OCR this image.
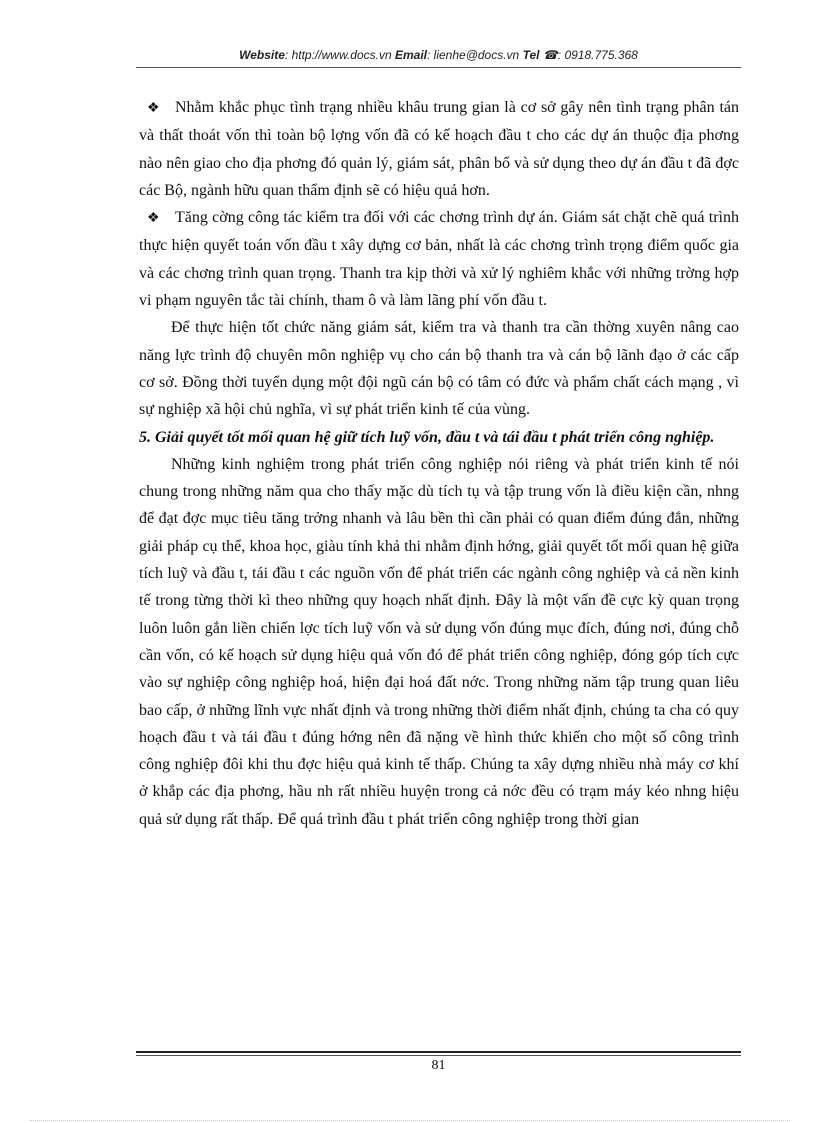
Website: http://www.docs.vn Email: lienhe@docs.vn Tel ☎: 0918.775.368

❖ Nhằm khắc phục tình trạng nhiều khâu trung gian là cơ sở gây nên tình trạng phân tán và thất thoát vốn thì toàn bộ lợng vốn đã có kế hoạch đầu t cho các dự án thuộc địa phơng nào nên giao cho địa phơng đó quản lý, giám sát, phân bổ và sử dụng theo dự án đầu t đã đợc các Bộ, ngành hữu quan thẩm định sẽ có hiệu quả hơn.

❖ Tăng cờng công tác kiểm tra đối với các chơng trình dự án. Giám sát chặt chẽ quá trình thực hiện quyết toán vốn đầu t xây dựng cơ bản, nhất là các chơng trình trọng điểm quốc gia và các chơng trình quan trọng. Thanh tra kịp thời và xử lý nghiêm khắc với những trờng hợp vi phạm nguyên tắc tài chính, tham ô và làm lãng phí vốn đầu t.

Để thực hiện tốt chức năng giám sát, kiểm tra và thanh tra cần thờng xuyên nâng cao năng lực trình độ chuyên môn nghiệp vụ cho cán bộ thanh tra và cán bộ lãnh đạo ở các cấp cơ sở. Đồng thời tuyển dụng một đội ngũ cán bộ có tâm có đức và phẩm chất cách mạng , vì sự nghiệp xã hội chủ nghĩa, vì sự phát triển kinh tế của vùng.

5. Giải quyết tốt mối quan hệ giữ tích luỹ vốn, đầu t và tái đầu t phát triển công nghiệp.

Những kinh nghiệm trong phát triển công nghiệp nói riêng và phát triển kinh tế nói chung trong những năm qua cho thấy mặc dù tích tụ và tập trung vốn là điều kiện cần, nhng để đạt đợc mục tiêu tăng trởng nhanh và lâu bền thì cần phải có quan điểm đúng đắn, những giải pháp cụ thể, khoa học, giàu tính khả thi nhằm định hớng, giải quyết tốt mối quan hệ giữa tích luỹ và đầu t, tái đầu t các nguồn vốn để phát triển các ngành công nghiệp và cả nền kinh tế trong từng thời kì theo những quy hoạch nhất định. Đây là một vấn đề cực kỳ quan trọng luôn luôn gắn liền chiến lợc tích luỹ vốn và sử dụng vốn đúng mục đích, đúng nơi, đúng chỗ cần vốn, có kế hoạch sử dụng hiệu quả vốn đó để phát triển công nghiệp, đóng góp tích cực vào sự nghiệp công nghiệp hoá, hiện đại hoá đất nớc. Trong những năm tập trung quan liêu bao cấp, ở những lĩnh vực nhất định và trong những thời điểm nhất định, chúng ta cha có quy hoạch đầu t và tái đầu t đúng hớng nên đã nặng về hình thức khiến cho một số công trình công nghiệp đôi khi thu đợc hiệu quả kinh tế thấp. Chúng ta xây dựng nhiều nhà máy cơ khí ở khắp các địa phơng, hầu nh rất nhiều huyện trong cả nớc đều có trạm máy kéo nhng hiệu quả sử dụng rất thấp. Để quá trình đầu t phát triển công nghiệp trong thời gian

81
